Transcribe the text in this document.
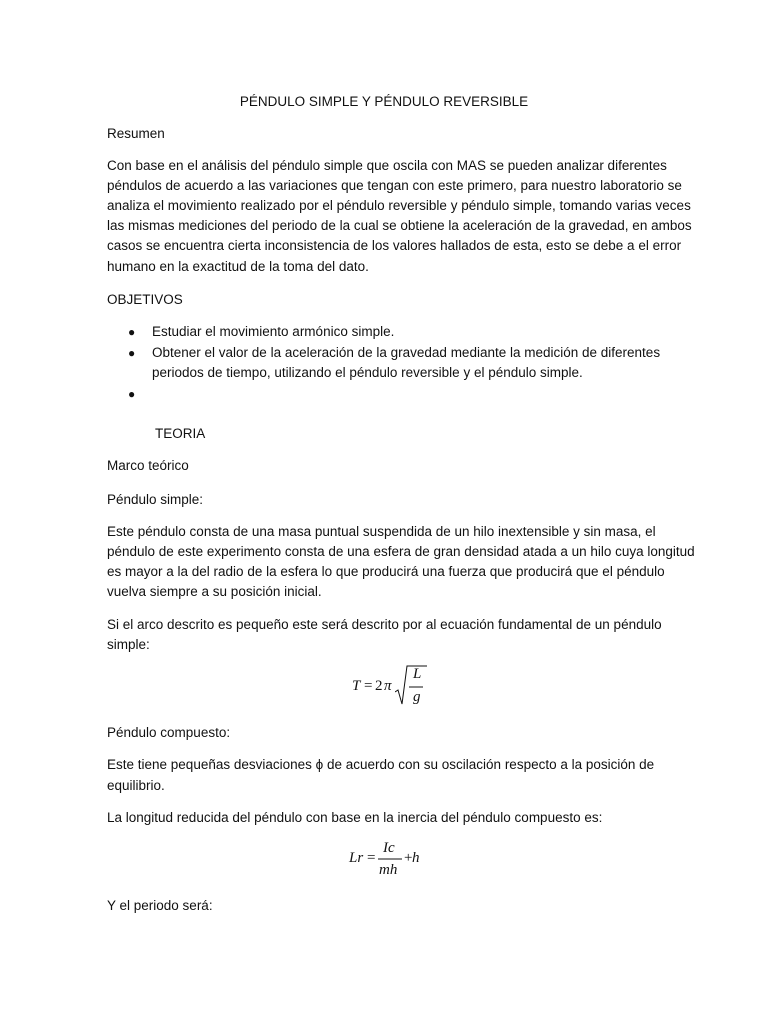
PÉNDULO SIMPLE Y PÉNDULO REVERSIBLE
Resumen
Con base en el análisis del péndulo simple que oscila con MAS se pueden analizar diferentes
péndulos de acuerdo a las variaciones que tengan con este primero, para nuestro laboratorio se
analiza el movimiento realizado por el péndulo reversible y péndulo simple, tomando varias veces
las mismas mediciones del periodo de la cual se obtiene la aceleración de la gravedad, en ambos
casos se encuentra cierta inconsistencia de los valores hallados de esta, esto se debe a el error
humano en la exactitud de la toma del dato.
OBJETIVOS
● Estudiar el movimiento armónico simple.
● Obtener el valor de la aceleración de la gravedad mediante la medición de diferentes
periodos de tiempo, utilizando el péndulo reversible y el péndulo simple.
●
TEORIA
Marco teórico
Péndulo simple:
Este péndulo consta de una masa puntual suspendida de un hilo inextensible y sin masa, el
péndulo de este experimento consta de una esfera de gran densidad atada a un hilo cuya longitud
es mayor a la del radio de la esfera lo que producirá una fuerza que producirá que el péndulo
vuelva siempre a su posición inicial.
Si el arco descrito es pequeño este será descrito por al ecuación fundamental de un péndulo
simple:
T = 2 π
L
g
Péndulo compuesto:
Este tiene pequeñas desviaciones ϕ de acuerdo con su oscilación respecto a la posición de
equilibrio.
La longitud reducida del péndulo con base en la inercia del péndulo compuesto es:
Lr =
Ic
mh
+ h
Y el periodo será:
